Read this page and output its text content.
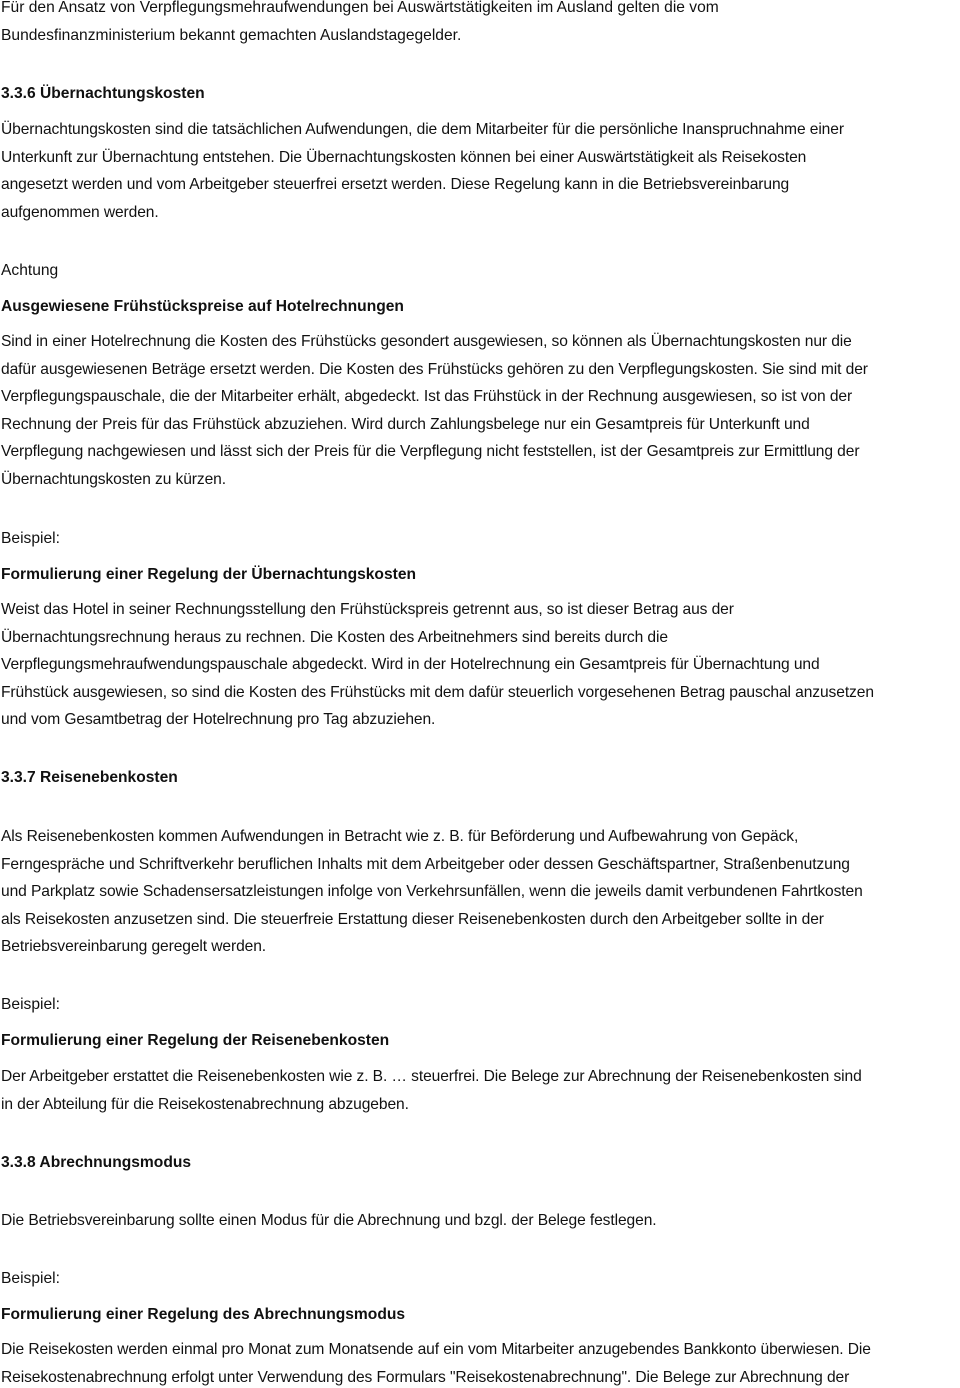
Für den Ansatz von Verpflegungsmehraufwendungen bei Auswärtstätigkeiten im Ausland gelten die vom
Bundesfinanzministerium bekannt gemachten Auslandstagegelder.

3.3.6 Übernachtungskosten

Übernachtungskosten sind die tatsächlichen Aufwendungen, die dem Mitarbeiter für die persönliche Inanspruchnahme einer
Unterkunft zur Übernachtung entstehen. Die Übernachtungskosten können bei einer Auswärtstätigkeit als Reisekosten
angesetzt werden und vom Arbeitgeber steuerfrei ersetzt werden. Diese Regelung kann in die Betriebsvereinbarung
aufgenommen werden.

Achtung

Ausgewiesene Frühstückspreise auf Hotelrechnungen

Sind in einer Hotelrechnung die Kosten des Frühstücks gesondert ausgewiesen, so können als Übernachtungskosten nur die
dafür ausgewiesenen Beträge ersetzt werden. Die Kosten des Frühstücks gehören zu den Verpflegungskosten. Sie sind mit der
Verpflegungspauschale, die der Mitarbeiter erhält, abgedeckt. Ist das Frühstück in der Rechnung ausgewiesen, so ist von der
Rechnung der Preis für das Frühstück abzuziehen. Wird durch Zahlungsbelege nur ein Gesamtpreis für Unterkunft und
Verpflegung nachgewiesen und lässt sich der Preis für die Verpflegung nicht feststellen, ist der Gesamtpreis zur Ermittlung der
Übernachtungskosten zu kürzen.

Beispiel:

Formulierung einer Regelung der Übernachtungskosten

Weist das Hotel in seiner Rechnungsstellung den Frühstückspreis getrennt aus, so ist dieser Betrag aus der
Übernachtungsrechnung heraus zu rechnen. Die Kosten des Arbeitnehmers sind bereits durch die
Verpflegungsmehraufwendungspauschale abgedeckt. Wird in der Hotelrechnung ein Gesamtpreis für Übernachtung und
Frühstück ausgewiesen, so sind die Kosten des Frühstücks mit dem dafür steuerlich vorgesehenen Betrag pauschal anzusetzen
und vom Gesamtbetrag der Hotelrechnung pro Tag abzuziehen.

3.3.7 Reisenebenkosten

Als Reisenebenkosten kommen Aufwendungen in Betracht wie z. B. für Beförderung und Aufbewahrung von Gepäck,
Ferngespräche und Schriftverkehr beruflichen Inhalts mit dem Arbeitgeber oder dessen Geschäftspartner, Straßenbenutzung
und Parkplatz sowie Schadensersatzleistungen infolge von Verkehrsunfällen, wenn die jeweils damit verbundenen Fahrtkosten
als Reisekosten anzusetzen sind. Die steuerfreie Erstattung dieser Reisenebenkosten durch den Arbeitgeber sollte in der
Betriebsvereinbarung geregelt werden.

Beispiel:

Formulierung einer Regelung der Reisenebenkosten

Der Arbeitgeber erstattet die Reisenebenkosten wie z. B. … steuerfrei. Die Belege zur Abrechnung der Reisenebenkosten sind
in der Abteilung für die Reisekostenabrechnung abzugeben.

3.3.8 Abrechnungsmodus

Die Betriebsvereinbarung sollte einen Modus für die Abrechnung und bzgl. der Belege festlegen.

Beispiel:

Formulierung einer Regelung des Abrechnungsmodus

Die Reisekosten werden einmal pro Monat zum Monatsende auf ein vom Mitarbeiter anzugebendes Bankkonto überwiesen. Die
Reisekostenabrechnung erfolgt unter Verwendung des Formulars "Reisekostenabrechnung". Die Belege zur Abrechnung der
